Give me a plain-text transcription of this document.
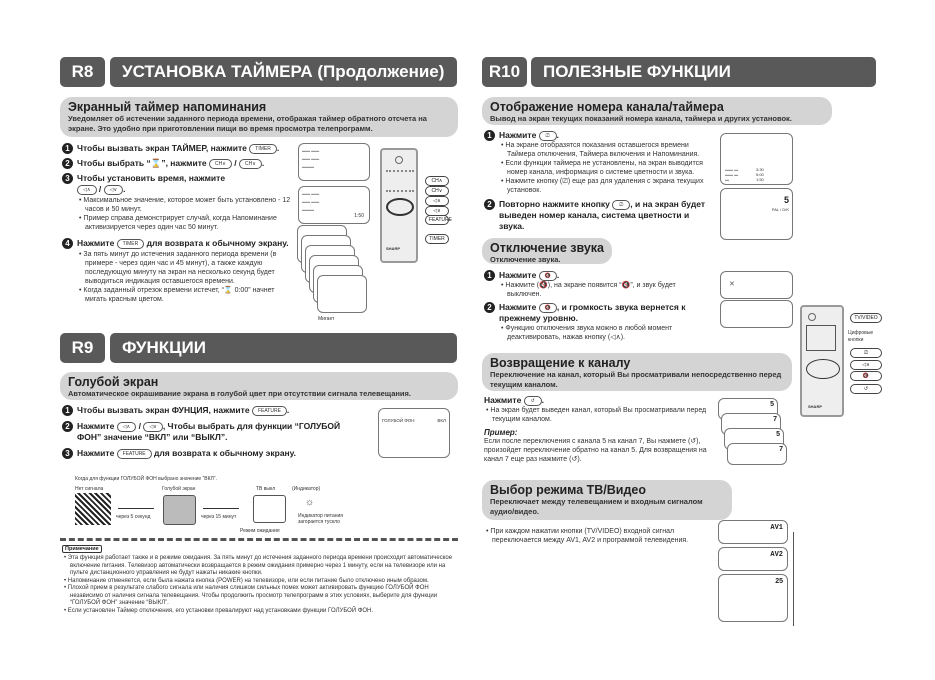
R8	УСТАНОВКА ТАЙМЕРА (Продолжение)
Экранный таймер напоминания
Уведомляет об истечении заданного периода времени, отображая таймер обратного отсчета на экране. Это удобно при приготовлении пищи во время просмотра телепрограмм.
1 Чтобы вызвать экран ТАЙМЕР, нажмите TIMER .
2 Чтобы выбрать “⌛”, нажмите CH∧ / CH∨ .
3 Чтобы установить время, нажмите
◁∧ / ◁∨ .
• Максимальное значение, которое может быть установлено - 12 часов и 50 минут.
• Пример справа демонстрирует случай, когда Напоминание активизируется через один час 50 минут.
4 Нажмите TIMER для возврата к обычному экрану.
• За пять минут до истечения заданного периода времени (в примере - через один час и 45 минут), а также каждую последующую минуту на экран на несколько секунд будет выводиться индикация оставшегося времени.
• Когда заданный отрезок времени истечет, “⌛ 0:00” начнет мигать красным цветом.
▬▬ ▬▬
▬▬ ▬▬
▬▬▬
▬▬ ▬▬
▬▬ ▬▬
▬▬▬
1:50
Мигает
SHARP
CH∧
CH∨
◁∧
◁∨
FEATURE
TIMER
R9	ФУНКЦИИ
Голубой экран
Автоматическое окрашивание экрана в голубой цвет при отсутствии сигнала телевещания.
1 Чтобы вызвать экран ФУНЦИЯ, нажмите FEATURE .
2 Нажмите ◁∧ / ◁∨ , Чтобы выбрать для функции “ГОЛУБОЙ ФОН” значение “ВКЛ” или “ВЫКЛ”.
3 Нажмите FEATURE для возврата к обычному экрану.
ГОЛУБОЙ ФОН	ВКЛ
Когда для функции ГОЛУБОЙ ФОН выбрано значение “ВКЛ”.
Нет сигнала
через 5 секунд
Голубой экран
через 15 минут
ТВ выкл
Режим ожидания
(Индикатор)
☼
Индикатор питания загорается тускло
Примечание
• Эта функция работает также и в режиме ожидания. За пять минут до истечения заданного периода времени происходит автоматическое включение питания. Телевизор автоматически возвращается в режим ожидания примерно через 1 минуту, если на телевизоре или на пульте дистанционного управления не будут нажаты никакие кнопки.
• Напоминание отменяется, если была нажата кнопка (POWER) на телевизоре, или если питание было отключено иным образом.
• Плохой прием в результате слабого сигнала или наличия слишком сильных помех может активировать функцию ГОЛУБОЙ ФОН независимо от наличия сигнала телевещания. Чтобы продолжить просмотр телепрограмм в этих условиях, выберите для функции “ГОЛУБОЙ ФОН” значение “ВЫКЛ”.
• Если установлен Таймер отключения, его установки превалируют над установками функции ГОЛУБОЙ ФОН.
R10	ПОЛЕЗНЫЕ ФУНКЦИИ
Отображение номера канала/таймера
Вывод на экран текущих показаний номера канала, таймера и других установок.
1 Нажмите ⎚ .
• На экране отобразятся показания оставшегося времени Таймера отключения, Таймера включения и Напоминания.
• Если функции таймера не установлены, на экран выводится номер канала, информация о системе цветности и звука.
• Нажмите кнопку (⎚) еще раз для удаления с экрана текущих установок.
2 Повторно нажмите кнопку ⎚ , и на экран будет выведен номер канала, система цветности и звука.
▬▬ ▬
▬▬ ▬
▬
3:30
5:00
1:50
5
PAL / D/K
Отключение звука
Отключение звука.
1 Нажмите 🔇 .
• Нажмите (🔇), на экране появится “🔇”, и звук будет выключен.
2 Нажмите 🔇 , и громкость звука вернется к прежнему уровню.
• Функцию отключения звука можно в любой момент деактивировать, нажав кнопку (◁∧).
✕
Возвращение к каналу
Переключение на канал, который Вы просматривали непосредственно перед текущим каналом.
Нажмите ↺ .
• На экран будет выведен канал, который Вы просматривали перед текущим каналом.
Пример:
Если после переключения с канала 5 на канал 7, Вы нажмете (↺), произойдет переключение обратно на канал 5. Для возвращения на канал 7 еще раз нажмите (↺).
5
7
5
7
Выбор режима ТВ/Видео
Переключает между телевещанием и входным сигналом аудио/видео.
• При каждом нажатии кнопки (TV/VIDEO) входной сигнал переключается между AV1, AV2 и программой телевидения.
AV1
AV2
25
SHARP
TV/VIDEO
Цифровые кнопки
⎚
◁∧
🔇
↺
